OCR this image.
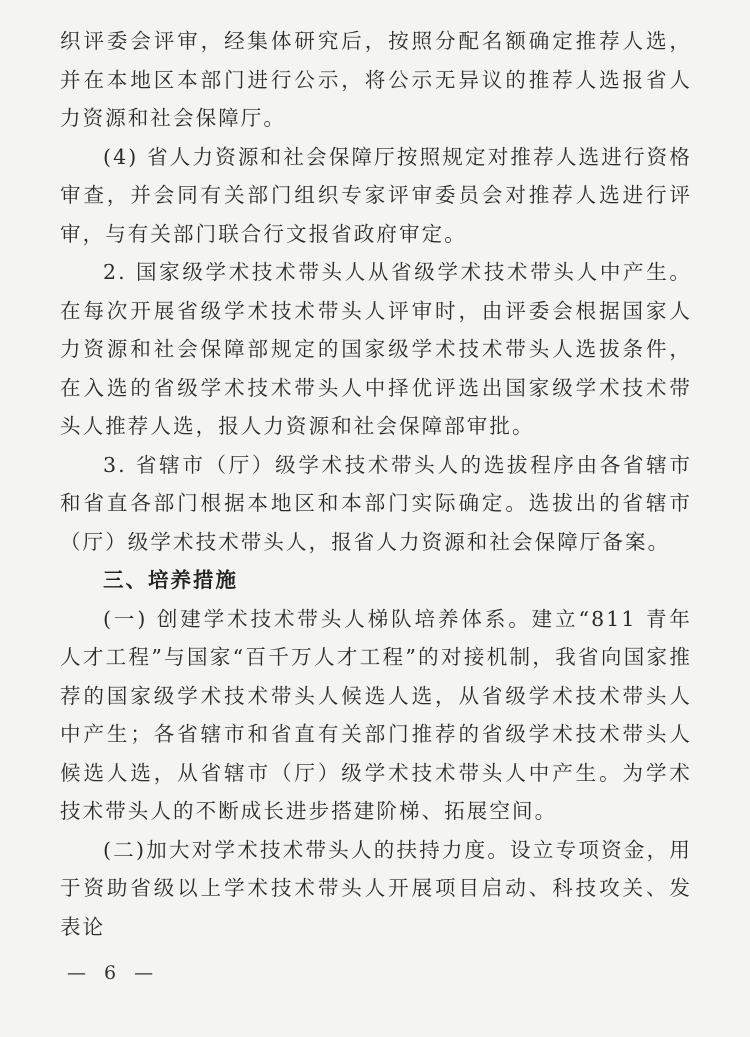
织评委会评审，经集体研究后，按照分配名额确定推荐人选，并在本地区本部门进行公示，将公示无异议的推荐人选报省人力资源和社会保障厅。

(4) 省人力资源和社会保障厅按照规定对推荐人选进行资格审查，并会同有关部门组织专家评审委员会对推荐人选进行评审，与有关部门联合行文报省政府审定。

2. 国家级学术技术带头人从省级学术技术带头人中产生。在每次开展省级学术技术带头人评审时，由评委会根据国家人力资源和社会保障部规定的国家级学术技术带头人选拔条件，在入选的省级学术技术带头人中择优评选出国家级学术技术带头人推荐人选，报人力资源和社会保障部审批。

3. 省辖市（厅）级学术技术带头人的选拔程序由各省辖市和省直各部门根据本地区和本部门实际确定。选拔出的省辖市（厅）级学术技术带头人，报省人力资源和社会保障厅备案。

三、培养措施

(一) 创建学术技术带头人梯队培养体系。建立“811 青年人才工程”与国家“百千万人才工程”的对接机制，我省向国家推荐的国家级学术技术带头人候选人选，从省级学术技术带头人中产生；各省辖市和省直有关部门推荐的省级学术技术带头人候选人选，从省辖市（厅）级学术技术带头人中产生。为学术技术带头人的不断成长进步搭建阶梯、拓展空间。

(二)加大对学术技术带头人的扶持力度。设立专项资金，用于资助省级以上学术技术带头人开展项目启动、科技攻关、发表论

— 6 —
